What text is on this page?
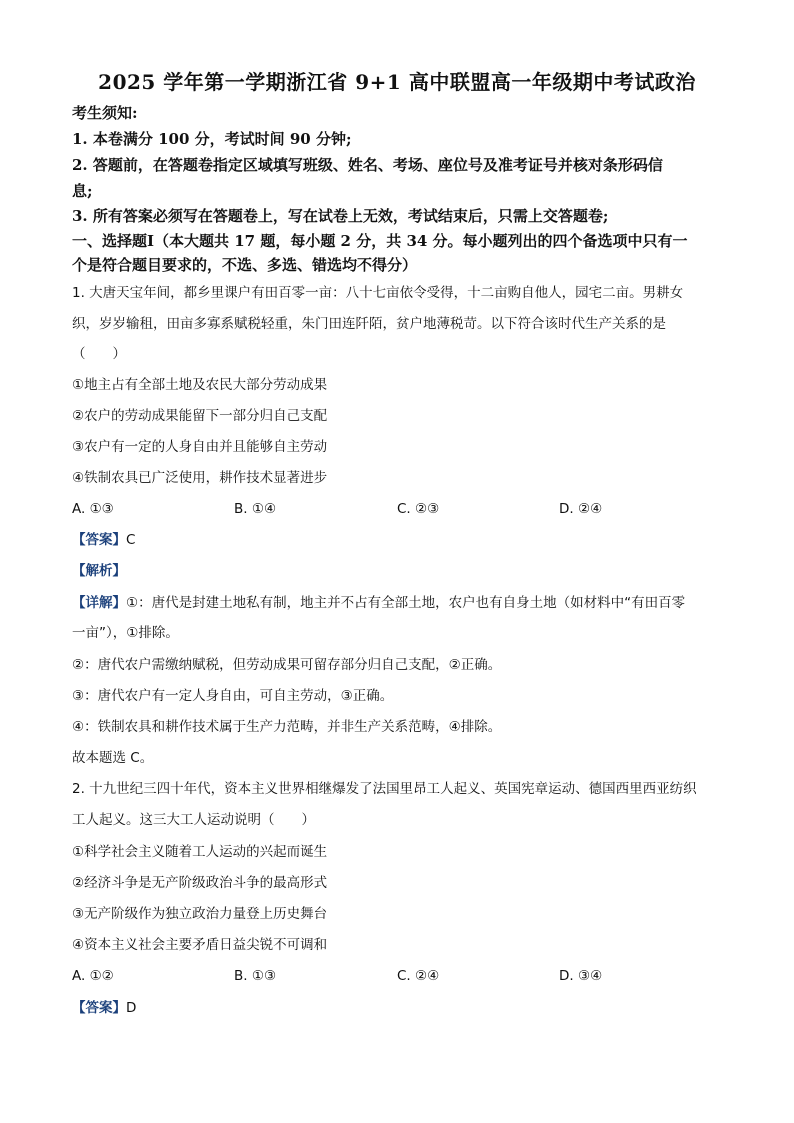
2025 学年第一学期浙江省 9+1 高中联盟高一年级期中考试政治
考生须知:
1. 本卷满分 100 分，考试时间 90 分钟;
2. 答题前，在答题卷指定区域填写班级、姓名、考场、座位号及准考证号并核对条形码信
息;
3. 所有答案必须写在答题卷上，写在试卷上无效，考试结束后，只需上交答题卷;
一、选择题Ⅰ（本大题共 17 题，每小题 2 分，共 34 分。每小题列出的四个备选项中只有一
个是符合题目要求的，不选、多选、错选均不得分）
1. 大唐天宝年间，都乡里课户有田百零一亩：八十七亩依令受得，十二亩购自他人，园宅二亩。男耕女
织，岁岁输租，田亩多寡系赋税轻重，朱门田连阡陌，贫户地薄税苛。以下符合该时代生产关系的是
（　　）
①地主占有全部土地及农民大部分劳动成果
②农户的劳动成果能留下一部分归自己支配
③农户有一定的人身自由并且能够自主劳动
④铁制农具已广泛使用，耕作技术显著进步
A. ①③	B. ①④	C. ②③	D. ②④
【答案】C
【解析】
【详解】①：唐代是封建土地私有制，地主并不占有全部土地，农户也有自身土地（如材料中“有田百零
一亩”），①排除。
②：唐代农户需缴纳赋税，但劳动成果可留存部分归自己支配，②正确。
③：唐代农户有一定人身自由，可自主劳动，③正确。
④：铁制农具和耕作技术属于生产力范畴，并非生产关系范畴，④排除。
故本题选 C。
2. 十九世纪三四十年代，资本主义世界相继爆发了法国里昂工人起义、英国宪章运动、德国西里西亚纺织
工人起义。这三大工人运动说明（　　）
①科学社会主义随着工人运动的兴起而诞生
②经济斗争是无产阶级政治斗争的最高形式
③无产阶级作为独立政治力量登上历史舞台
④资本主义社会主要矛盾日益尖锐不可调和
A. ①②	B. ①③	C. ②④	D. ③④
【答案】D
